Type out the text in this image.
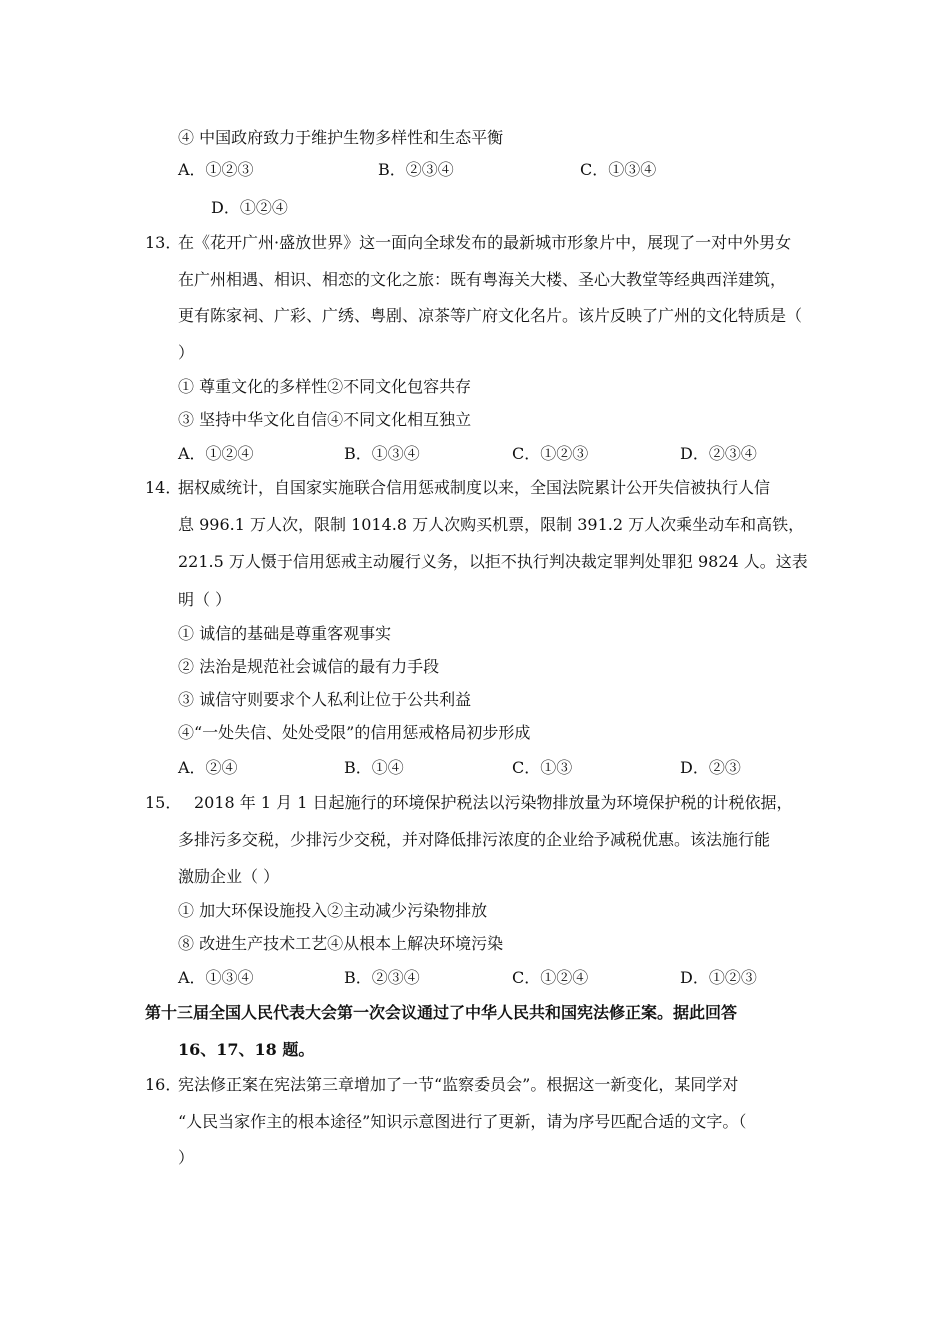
④ 中国政府致力于维护生物多样性和生态平衡
A．①②③	B．②③④	C．①③④
D．①②④
13．
在《花开广州·盛放世界》这一面向全球发布的最新城市形象片中，展现了一对中外男女
在广州相遇、相识、相恋的文化之旅：既有粤海关大楼、圣心大教堂等经典西洋建筑，
更有陈家祠、广彩、广绣、粤剧、凉茶等广府文化名片。该片反映了广州的文化特质是（
）
① 尊重文化的多样性②不同文化包容共存
③ 坚持中华文化自信④不同文化相互独立
A．①②④	B．①③④	C．①②③	D．②③④
14．
据权威统计，自国家实施联合信用惩戒制度以来，全国法院累计公开失信被执行人信
息 996.1 万人次，限制 1014.8 万人次购买机票，限制 391.2 万人次乘坐动车和高铁，
221.5 万人慑于信用惩戒主动履行义务，以拒不执行判决裁定罪判处罪犯 9824 人。这表
明（ ）
① 诚信的基础是尊重客观事实
② 法治是规范社会诚信的最有力手段
③ 诚信守则要求个人私利让位于公共利益
④“一处失信、处处受限”的信用惩戒格局初步形成
A．②④	B．①④	C．①③	D．②③
15． 2018 年 1 月 1 日起施行的环境保护税法以污染物排放量为环境保护税的计税依据，
多排污多交税，少排污少交税，并对降低排污浓度的企业给予减税优惠。该法施行能
激励企业（ ）
① 加大环保设施投入②主动减少污染物排放
⑧ 改进生产技术工艺④从根本上解决环境污染
A．①③④	B．②③④	C．①②④	D．①②③
第十三届全国人民代表大会第一次会议通过了中华人民共和国宪法修正案。据此回答
16、17、18 题。
16．
宪法修正案在宪法第三章增加了一节“监察委员会”。根据这一新变化，某同学对
“人民当家作主的根本途径”知识示意图进行了更新，请为序号匹配合适的文字。（
）
